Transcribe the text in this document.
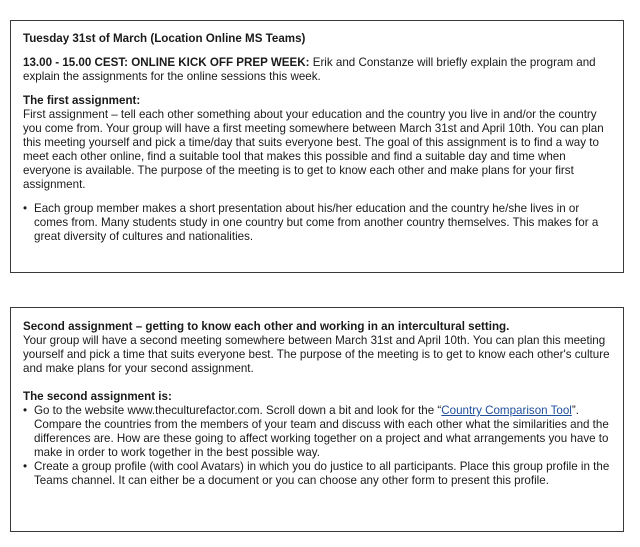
Tuesday 31st of March (Location Online MS Teams)

13.00 - 15.00 CEST: ONLINE KICK OFF PREP WEEK: Erik and Constanze will briefly explain the program and explain the assignments for the online sessions this week.

The first assignment:

First assignment – tell each other something about your education and the country you live in and/or the country you come from. Your group will have a first meeting somewhere between March 31st and April 10th. You can plan this meeting yourself and pick a time/day that suits everyone best. The goal of this assignment is to find a way to meet each other online, find a suitable tool that makes this possible and find a suitable day and time when everyone is available. The purpose of the meeting is to get to know each other and make plans for your first assignment.

• Each group member makes a short presentation about his/her education and the country he/she lives in or comes from. Many students study in one country but come from another country themselves. This makes for a great diversity of cultures and nationalities.

Second assignment – getting to know each other and working in an intercultural setting.

Your group will have a second meeting somewhere between March 31st and April 10th. You can plan this meeting yourself and pick a time that suits everyone best. The purpose of the meeting is to get to know each other's culture and make plans for your second assignment.

The second assignment is:

• Go to the website www.theculturefactor.com. Scroll down a bit and look for the “Country Comparison Tool”. Compare the countries from the members of your team and discuss with each other what the similarities and the differences are. How are these going to affect working together on a project and what arrangements you have to make in order to work together in the best possible way.
• Create a group profile (with cool Avatars) in which you do justice to all participants. Place this group profile in the Teams channel. It can either be a document or you can choose any other form to present this profile.
